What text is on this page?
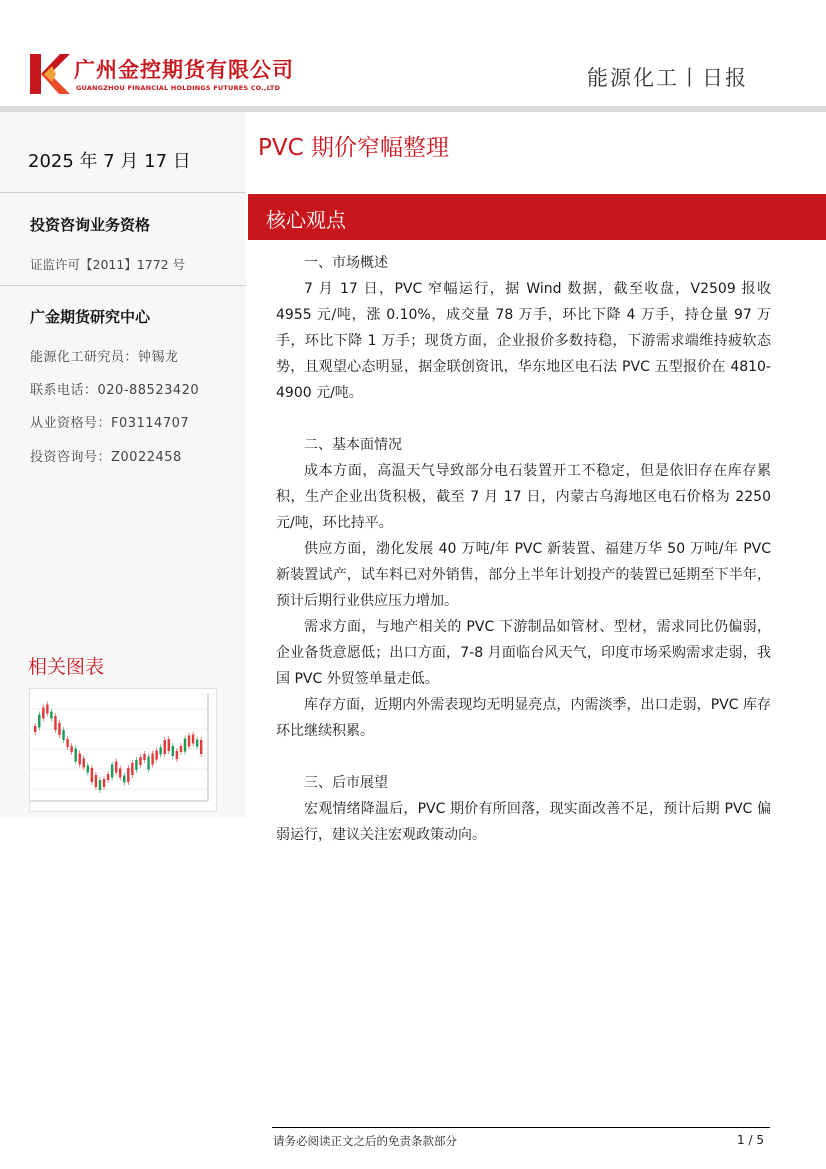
广州金控期货有限公司
GUANGZHOU FINANCIAL HOLDINGS FUTURES CO.,LTD	能源化工丨日报
2025 年 7 月 17 日
投资咨询业务资格
证监许可【2011】1772 号
广金期货研究中心
能源化工研究员：钟锡龙
联系电话：020-88523420
从业资格号：F03114707
投资咨询号：Z0022458
相关图表
-
-
-
-
-
PVC 期价窄幅整理
核心观点
一、市场概述
7 月 17 日，PVC 窄幅运行，据 Wind 数据，截至收盘，V2509 报收 4955 元/吨，涨 0.10%，成交量 78 万手，环比下降 4 万手，持仓量 97 万手，环比下降 1 万手；现货方面，企业报价多数持稳，下游需求端维持疲软态势，且观望心态明显，据金联创资讯，华东地区电石法 PVC 五型报价在 4810-4900 元/吨。
二、基本面情况
成本方面，高温天气导致部分电石装置开工不稳定，但是依旧存在库存累积，生产企业出货积极，截至 7 月 17 日，内蒙古乌海地区电石价格为 2250 元/吨，环比持平。
供应方面，渤化发展 40 万吨/年 PVC 新装置、福建万华 50 万吨/年 PVC 新装置试产，试车料已对外销售，部分上半年计划投产的装置已延期至下半年，预计后期行业供应压力增加。
需求方面，与地产相关的 PVC 下游制品如管材、型材，需求同比仍偏弱，企业备货意愿低；出口方面，7-8 月面临台风天气，印度市场采购需求走弱，我国 PVC 外贸签单量走低。
库存方面，近期内外需表现均无明显亮点，内需淡季，出口走弱，PVC 库存环比继续积累。
三、后市展望
宏观情绪降温后，PVC 期价有所回落，现实面改善不足，预计后期 PVC 偏弱运行，建议关注宏观政策动向。
请务必阅读正文之后的免责条款部分	1 / 5
